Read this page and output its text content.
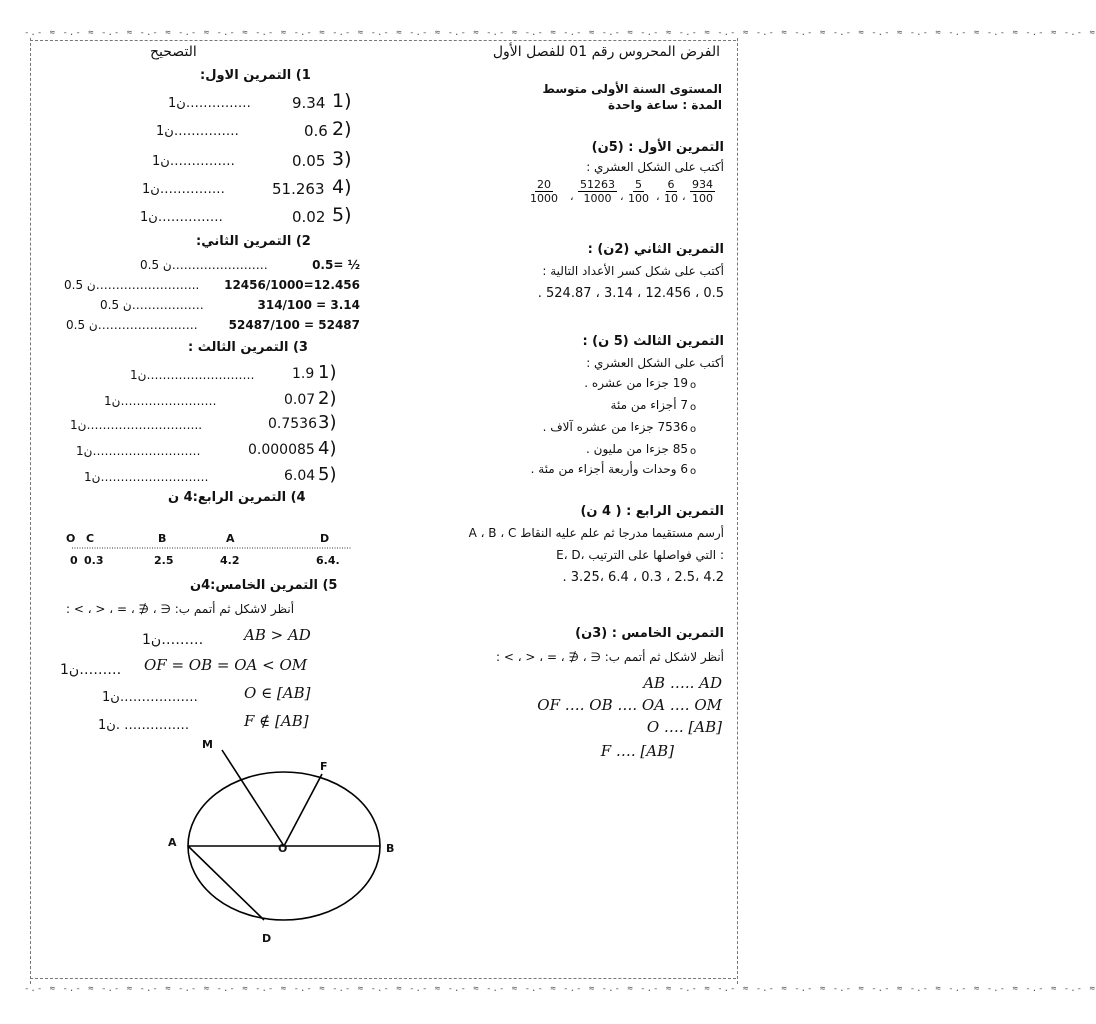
-.- ≈ -.- ≈ -.- ≈ -.- ≈ -.- ≈ -.- ≈ -.- ≈ -.- ≈ -.- ≈ -.- ≈ -.- ≈ -.- ≈ -.- ≈ -.- ≈ -.- ≈ -.- ≈ -.- ≈ -.- ≈ -.- ≈ -.- ≈ -.- ≈ -.- ≈ -.- ≈ -.- ≈ -.- ≈ -.- ≈ -.- ≈ -.- ≈
-.- ≈ -.- ≈ -.- ≈ -.- ≈ -.- ≈ -.- ≈ -.- ≈ -.- ≈ -.- ≈ -.- ≈ -.- ≈ -.- ≈ -.- ≈ -.- ≈ -.- ≈ -.- ≈ -.- ≈ -.- ≈ -.- ≈ -.- ≈ -.- ≈ -.- ≈ -.- ≈ -.- ≈ -.- ≈ -.- ≈ -.- ≈ -.- ≈
التصحيح	الفرض المحروس رقم 01 للفصل الأول
المستوى السنة الأولى متوسط
المدة : ساعة واحدة
التمرين الأول : (5ن)
أكتب على الشكل العشري :
$\frac{934}{100}$
،
$\frac{6}{10}$
،
$\frac{5}{100}$
،
$\frac{51263}{1000}$
،
$\frac{20}{1000}$
التمرين الثاني (2ن) :
أكتب على شكل كسر الأعداد التالية :
. 524.87 ، 3.14 ، 12.456 ، 0.5
التمرين الثالث (5 ن) :
أكتب على الشكل العشري :
19 جزءا من عشره . o
7 أجزاء من مئة o
7536 جزءا من عشره آلاف . o
85 جزءا من مليون . o
6 وحدات وأربعة أجزاء من مئة . o
التمرين الرابع : ( 4 ن)
أرسم مستقيما مدرجا ثم علم عليه النقاط A ، B ، C
E، D، التي فواصلها على الترتيب :
. 3.25، 6.4 ، 0.3 ، 2.5، 4.2
التمرين الخامس : (3ن)
أنظر لاشكل ثم أتمم ب: ∈ ، ∉ ، = ، < ، > :
AB ….. AD
OF …. OB …. OA …. OM
O …. [AB]
F …. [AB]
1) التمرين الاول:
1ن……………	9.34 1)
1ن……………	0.6 2)
1ن……………	0.05 3)
1ن……………	51.263 4)
1ن……………	0.02 5)
2) التمرين الثاني:
0.5= ½
0.5 ن……………………
12456/1000=12.456
0.5 ن……………………..
314/100 = 3.14
0.5 ن………………
52487/100 = 52487
0.5 ن…………………….
3) التمرين الثالث :
1ن………………………	1.9 1)
1ن……………………	0.07 2)
1ن………………………..	0.7536 3)
1ن………………………	0.000085 4)
1ن………………………	6.04 5)
4) التمرين الرابع:4 ن
O C	B	A	D
0 0.3	2.5	4.2	6.4.
5) التمرين الخامس:4ن
أنظر لاشكل ثم أتمم ب: ∈ ، ∉ ، = ، < ، > :
AB > AD
1ن………
OF = OB = OA < OM
1ن………
O ∈ [AB]
1ن………………
F ∉ [AB]
1ن. ……………
M
F
A	O	B
D
